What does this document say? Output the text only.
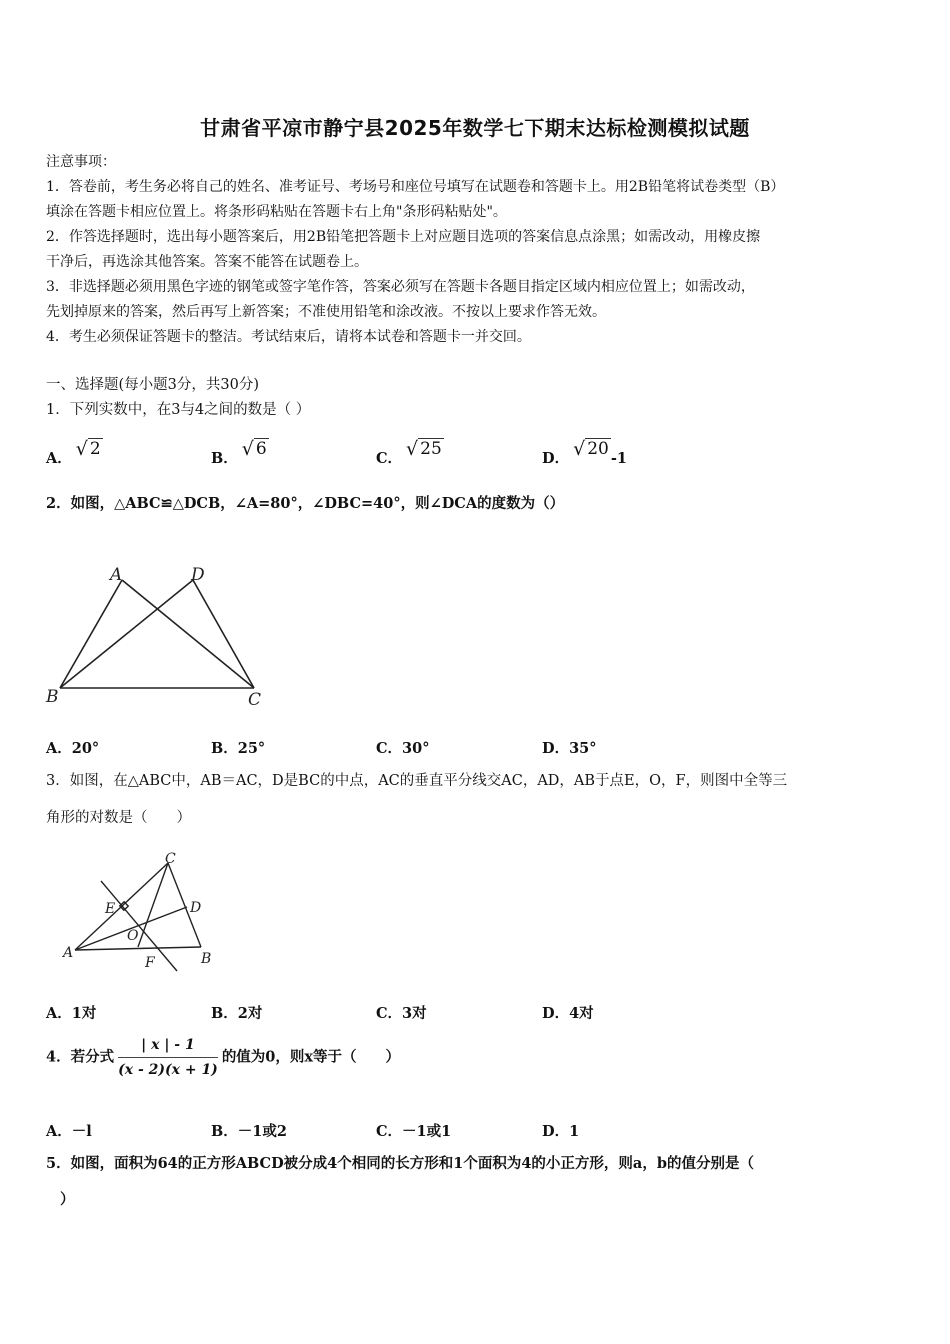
甘肃省平凉市静宁县2025年数学七下期末达标检测模拟试题
注意事项：
1．答卷前，考生务必将自己的姓名、准考证号、考场号和座位号填写在试题卷和答题卡上。用2B铅笔将试卷类型（B）
填涂在答题卡相应位置上。将条形码粘贴在答题卡右上角"条形码粘贴处"。
2．作答选择题时，选出每小题答案后，用2B铅笔把答题卡上对应题目选项的答案信息点涂黑；如需改动，用橡皮擦
干净后，再选涂其他答案。答案不能答在试题卷上。
3．非选择题必须用黑色字迹的钢笔或签字笔作答，答案必须写在答题卡各题目指定区域内相应位置上；如需改动，
先划掉原来的答案，然后再写上新答案；不准使用铅笔和涂改液。不按以上要求作答无效。
4．考生必须保证答题卡的整洁。考试结束后，请将本试卷和答题卡一并交回。
一、选择题(每小题3分，共30分)
1．下列实数中，在3与4之间的数是（ ）
A． √ 2	B． √ 6	C． √ 25	D． √ 20 -1
2．如图，△ABC≌△DCB，∠A=80°，∠DBC=40°，则∠DCA的度数为（）
A	D
B	C
A．20°	B．25°	C．30°	D．35°
3．如图，在△ABC中，AB＝AC，D是BC的中点，AC的垂直平分线交AC，AD，AB于点E，O，F，则图中全等三
角形的对数是（　　）
C
E	D
O
A
F	B
A．1对	B．2对	C．3对	D．4对
4．若分式 $\frac{| x | - 1}{(x - 2)(x + 1)}$ 的值为0，则x等于（　　）
A．－l	B．－1或2	C．－1或1	D．1
5．如图，面积为64的正方形ABCD被分成4个相同的长方形和1个面积为4的小正方形，则a，b的值分别是（
）
